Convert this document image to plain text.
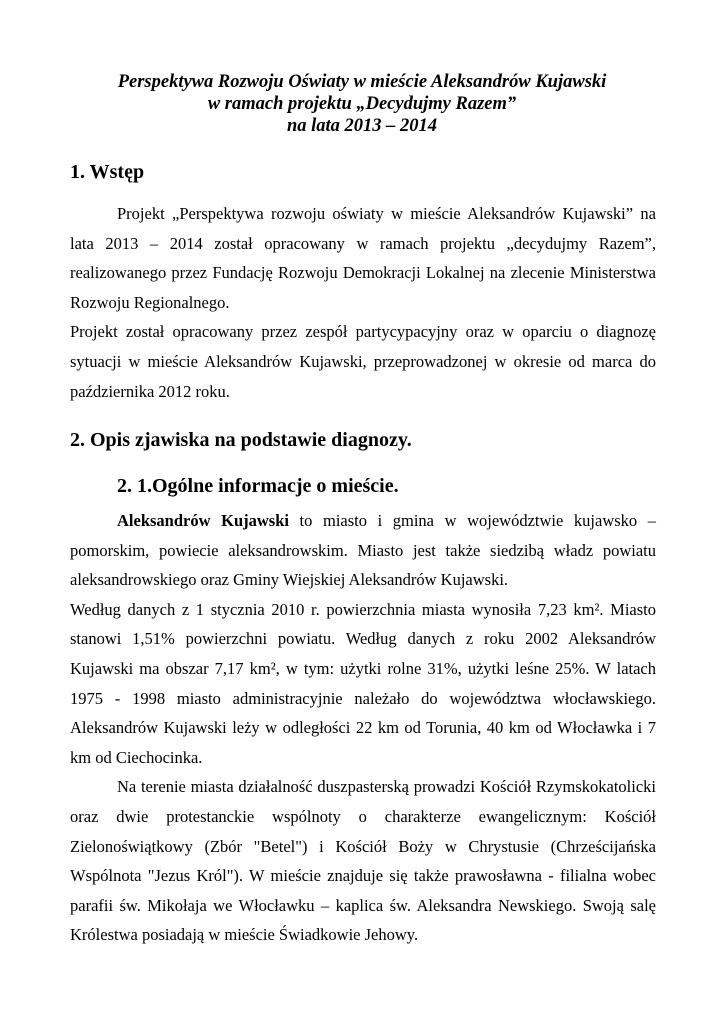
Perspektywa Rozwoju Oświaty w mieście Aleksandrów Kujawski
w ramach projektu „Decydujmy Razem”
na lata 2013 – 2014
1. Wstęp

Projekt „Perspektywa rozwoju oświaty w mieście Aleksandrów Kujawski” na lata 2013 – 2014 został opracowany w ramach projektu „decydujmy Razem”, realizowanego przez Fundację Rozwoju Demokracji Lokalnej na zlecenie Ministerstwa Rozwoju Regionalnego.

Projekt został opracowany przez zespół partycypacyjny oraz w oparciu o diagnozę sytuacji w mieście Aleksandrów Kujawski, przeprowadzonej w okresie od marca do października 2012 roku.

2. Opis zjawiska na podstawie diagnozy.
2. 1.Ogólne informacje o mieście.

Aleksandrów Kujawski to miasto i gmina w województwie kujawsko – pomorskim, powiecie aleksandrowskim. Miasto jest także siedzibą władz powiatu aleksandrowskiego oraz Gminy Wiejskiej Aleksandrów Kujawski.

Według danych z 1 stycznia 2010 r. powierzchnia miasta wynosiła 7,23 km². Miasto stanowi 1,51% powierzchni powiatu. Według danych z roku 2002 Aleksandrów Kujawski ma obszar 7,17 km², w tym: użytki rolne 31%, użytki leśne 25%. W latach 1975 - 1998 miasto administracyjnie należało do województwa włocławskiego. Aleksandrów Kujawski leży w odległości 22 km od Torunia, 40 km od Włocławka i 7 km od Ciechocinka.

Na terenie miasta działalność duszpasterską prowadzi Kościół Rzymskokatolicki oraz dwie protestanckie wspólnoty o charakterze ewangelicznym: Kościół Zielonoświątkowy (Zbór "Betel") i Kościół Boży w Chrystusie (Chrześcijańska Wspólnota "Jezus Król"). W mieście znajduje się także prawosławna - filialna wobec parafii św. Mikołaja we Włocławku – kaplica św. Aleksandra Newskiego. Swoją salę Królestwa posiadają w mieście Świadkowie Jehowy.
